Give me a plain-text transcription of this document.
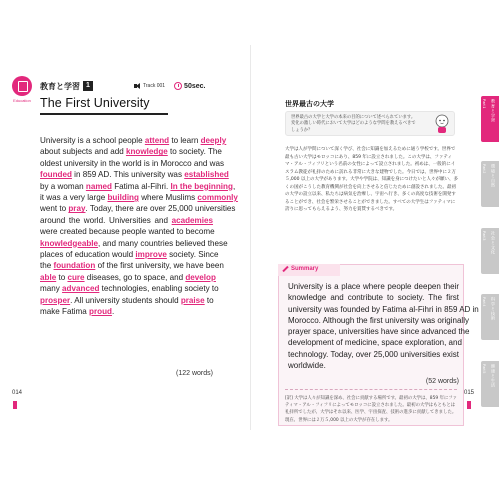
Education
教育と学習 1	Track 001	50sec.
The First University
University is a school people attend to learn deeply
about subjects and add knowledge to society. The
oldest university in the world is in Morocco and was
founded in 859 AD. This university was established
by a woman named Fatima al-Fihri. In the beginning,
it was a very large building where Muslims commonly
went to pray. Today, there are over 25,000 universities
around the world. Universities and academies
were created because people wanted to become
knowledgeable, and many countries believed these
places of education would improve society. Since
the foundation of the first university, we have been
able to cure diseases, go to space, and develop
many advanced technologies, enabling society to
prosper. All university students should praise to
make Fatima proud.
(122 words)
014
世界最古の大学
世界最古の大学と大学の本来の目的について述べられています。変化の激しい時代において大学はどのような学問を教えるべきでしょうか？
大学は人が学問について深く学び、社会に知識を加えるために通う学校です。世界で最も古い大学はモロッコにあり、859 年に設立されました。この大学は、ファティマ・アル・フィフリという名前の女性によって設立されました。初めは、一般的にイスラム教徒が礼拝のために訪れる非常に大きな建物でした。今日では、世界中に２万５,000 以上の大学があります。大学や学院は、知識を身につけたいと人々が願い、多くの国がこうした教育機関が社会を向上させると信じたために創設されました。最初の大学の設立以来、私たちは病気を治療し、宇宙へ行き、多くの高度な技術を開発することができ、社会を繁栄させることができました。すべての大学生はファティマに誇りに思ってもらえるよう、努力を賞賛するべきです。
Summary
University is a place where people deepen their
knowledge and contribute to society. The first
university was founded by Fatima al-Fihri in 859 AD in
Morocco. Although the first university was originally
prayer space, universities have since advanced the
development of medicine, space exploration, and
technology. Today, over 25,000 universities exist
worldwide.
(52 words)
[訳] 大学は人々が知識を深め、社会に貢献する場所です。最初の大学は、859 年にファティマ・アル・フィフリによってモロッコに設立されました。最初の大学はもともとは礼拝所でしたが、大学はそれ以来、医学、宇宙探査、技術の進歩に貢献してきました。現在、世界には２万５,000 以上の大学が存在します。
015
Part 1 教育と学習
Part 2 環境と自然
Part 3 社会と文化
Part 4 科学と技術
Part 5 健康と生活
